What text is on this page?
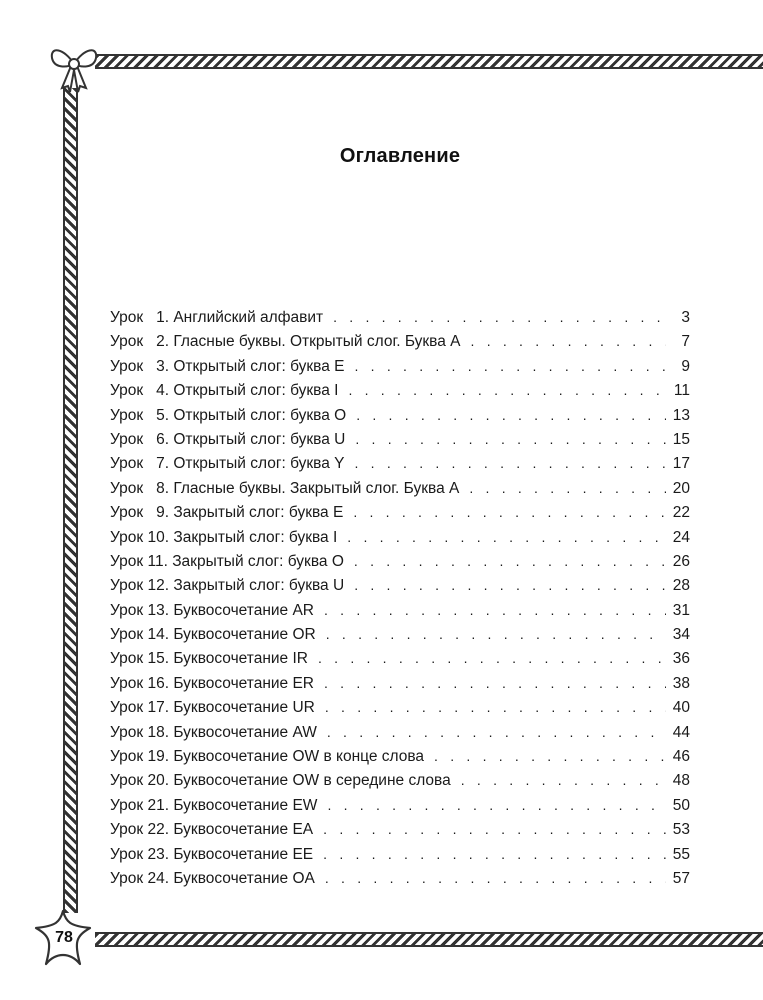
78
Оглавление
Урок   1. Английский алфавит . . .	3
Урок   2. Гласные буквы. Открытый слог. Буква А . . .	7
Урок   3. Открытый слог: буква Е . . .	9
Урок   4. Открытый слог: буква I . . .	11
Урок   5. Открытый слог: буква О . . .	13
Урок   6. Открытый слог: буква U . . .	15
Урок   7. Открытый слог: буква Y . . .	17
Урок   8. Гласные буквы. Закрытый слог. Буква А . . .	20
Урок   9. Закрытый слог: буква Е . . .	22
Урок 10. Закрытый слог: буква I . . .	24
Урок 11. Закрытый слог: буква О . . .	26
Урок 12. Закрытый слог: буква U . . .	28
Урок 13. Буквосочетание AR . . .	31
Урок 14. Буквосочетание OR . . .	34
Урок 15. Буквосочетание IR . . .	36
Урок 16. Буквосочетание ER . . .	38
Урок 17. Буквосочетание UR . . .	40
Урок 18. Буквосочетание AW . . .	44
Урок 19. Буквосочетание OW в конце слова . . .	46
Урок 20. Буквосочетание OW в середине слова . . .	48
Урок 21. Буквосочетание EW . . .	50
Урок 22. Буквосочетание EA . . .	53
Урок 23. Буквосочетание EE . . .	55
Урок 24. Буквосочетание OA . . .	57
